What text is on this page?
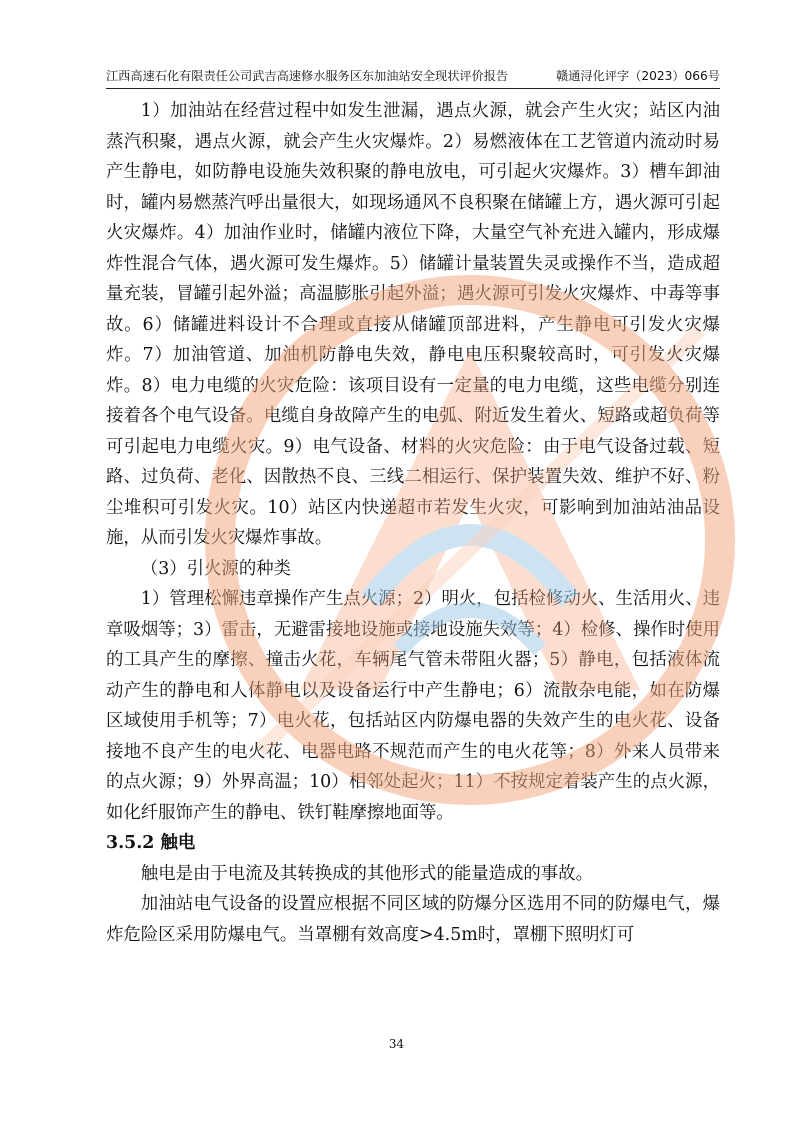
江西高速石化有限责任公司武吉高速修水服务区东加油站安全现状评价报告	赣通浔化评字（2023）066号

1）加油站在经营过程中如发生泄漏，遇点火源，就会产生火灾；站区内油蒸汽积聚，遇点火源，就会产生火灾爆炸。2）易燃液体在工艺管道内流动时易产生静电，如防静电设施失效积聚的静电放电，可引起火灾爆炸。3）槽车卸油时，罐内易燃蒸汽呼出量很大，如现场通风不良积聚在储罐上方，遇火源可引起火灾爆炸。4）加油作业时，储罐内液位下降，大量空气补充进入罐内，形成爆炸性混合气体，遇火源可发生爆炸。5）储罐计量装置失灵或操作不当，造成超量充装，冒罐引起外溢；高温膨胀引起外溢；遇火源可引发火灾爆炸、中毒等事故。6）储罐进料设计不合理或直接从储罐顶部进料，产生静电可引发火灾爆炸。7）加油管道、加油机防静电失效，静电电压积聚较高时，可引发火灾爆炸。8）电力电缆的火灾危险：该项目设有一定量的电力电缆，这些电缆分别连接着各个电气设备。电缆自身故障产生的电弧、附近发生着火、短路或超负荷等可引起电力电缆火灾。9）电气设备、材料的火灾危险：由于电气设备过载、短路、过负荷、老化、因散热不良、三线二相运行、保护装置失效、维护不好、粉尘堆积可引发火灾。10）站区内快递超市若发生火灾，可影响到加油站油品设施，从而引发火灾爆炸事故。

（3）引火源的种类

1）管理松懈违章操作产生点火源；2）明火，包括检修动火、生活用火、违章吸烟等；3）雷击，无避雷接地设施或接地设施失效等；4）检修、操作时使用的工具产生的摩擦、撞击火花，车辆尾气管未带阻火器；5）静电，包括液体流动产生的静电和人体静电以及设备运行中产生静电；6）流散杂电能，如在防爆区域使用手机等；7）电火花，包括站区内防爆电器的失效产生的电火花、设备接地不良产生的电火花、电器电路不规范而产生的电火花等；8）外来人员带来的点火源；9）外界高温；10）相邻处起火；11）不按规定着装产生的点火源，如化纤服饰产生的静电、铁钉鞋摩擦地面等。

3.5.2 触电

触电是由于电流及其转换成的其他形式的能量造成的事故。

加油站电气设备的设置应根据不同区域的防爆分区选用不同的防爆电气，爆炸危险区采用防爆电气。当罩棚有效高度>4.5m时，罩棚下照明灯可

34
